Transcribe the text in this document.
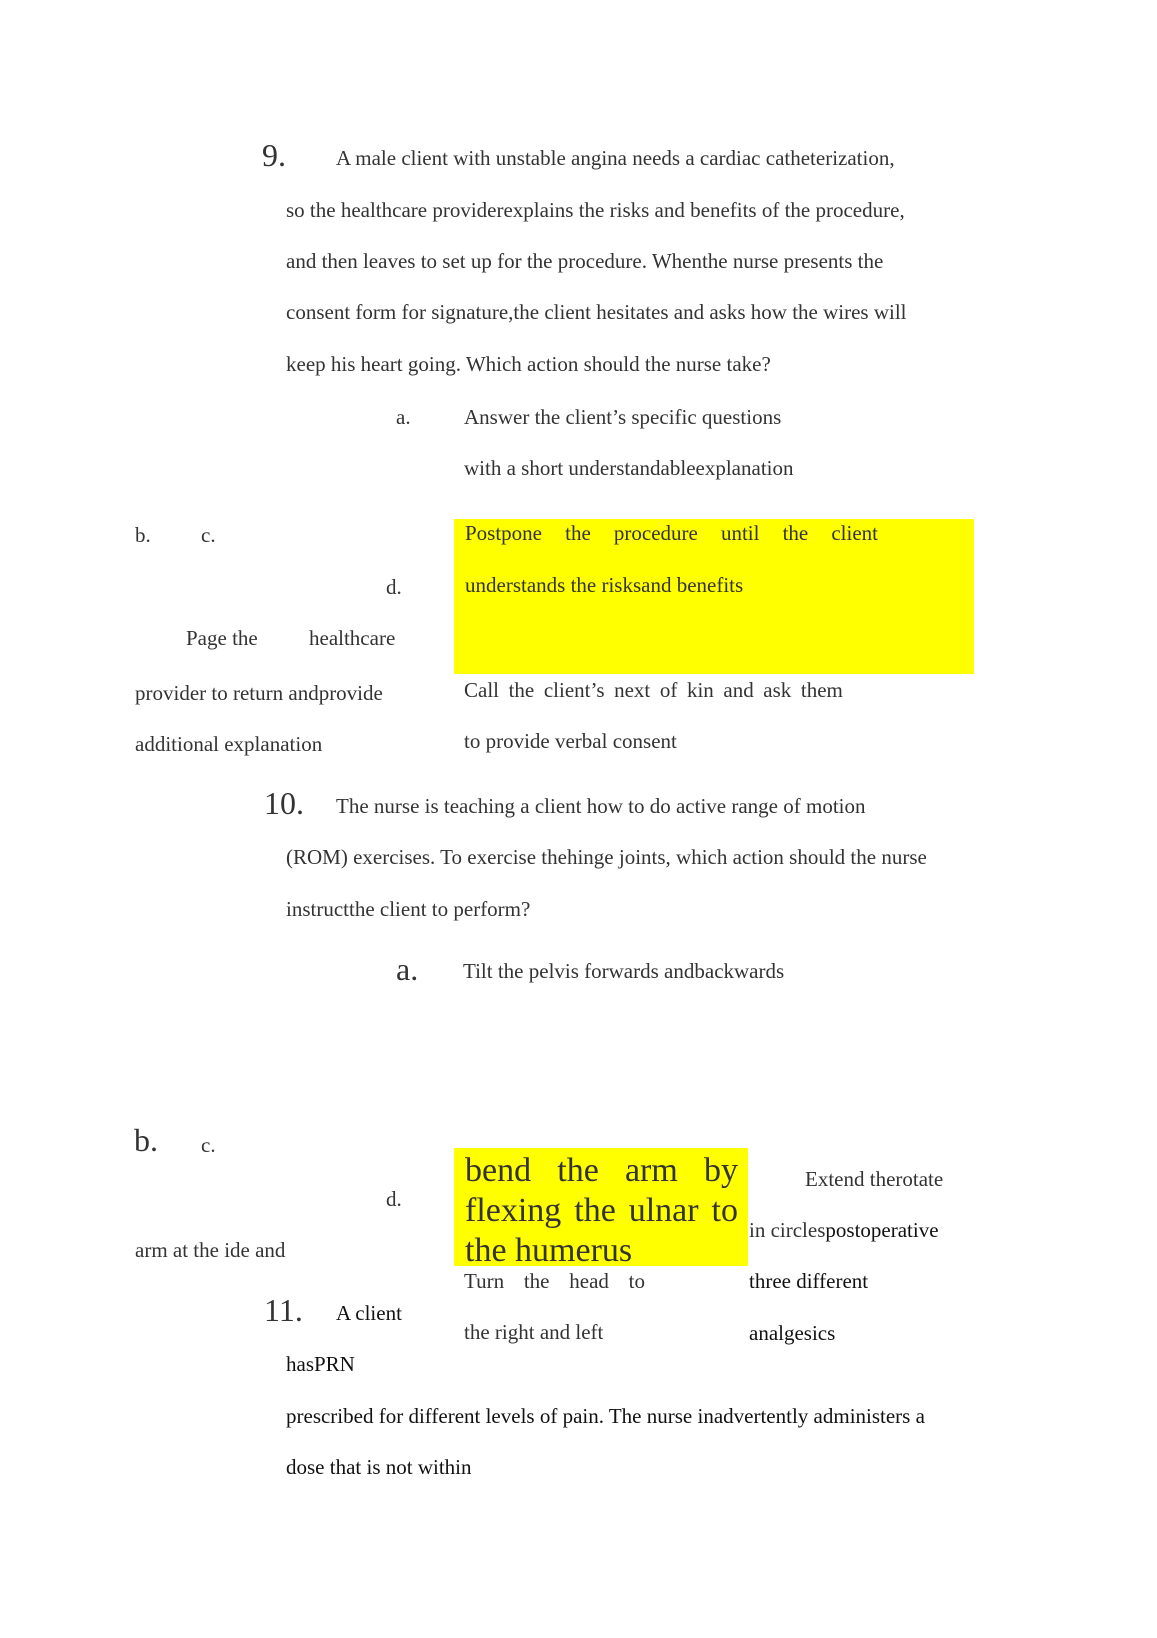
9. A male client with unstable angina needs a cardiac catheterization,
so the healthcare providerexplains the risks and benefits of the procedure,
and then leaves to set up for the procedure. Whenthe nurse presents the
consent form for signature,the client hesitates and asks how the wires will
keep his heart going. Which action should the nurse take?
a.	Answer the client’s specific questions
with a short understandableexplanation
b. c.
d.
Postpone the procedure until the client
understands the risksand benefits
Page the healthcare
provider to return andprovide
additional explanation
Call the client’s next of kin and ask them
to provide verbal consent
10. The nurse is teaching a client how to do active range of motion
(ROM) exercises. To exercise thehinge joints, which action should the nurse
instructthe client to perform?
a. Tilt the pelvis forwards andbackwards
b. c.
d.
bend the arm by
flexing the ulnar to
the humerus
Extend therotate
in circlespostoperative
arm at the ide and
Turn the head to
the right and left
11. A client
three different
analgesics
hasPRN
prescribed for different levels of pain. The nurse inadvertently administers a
dose that is not within
